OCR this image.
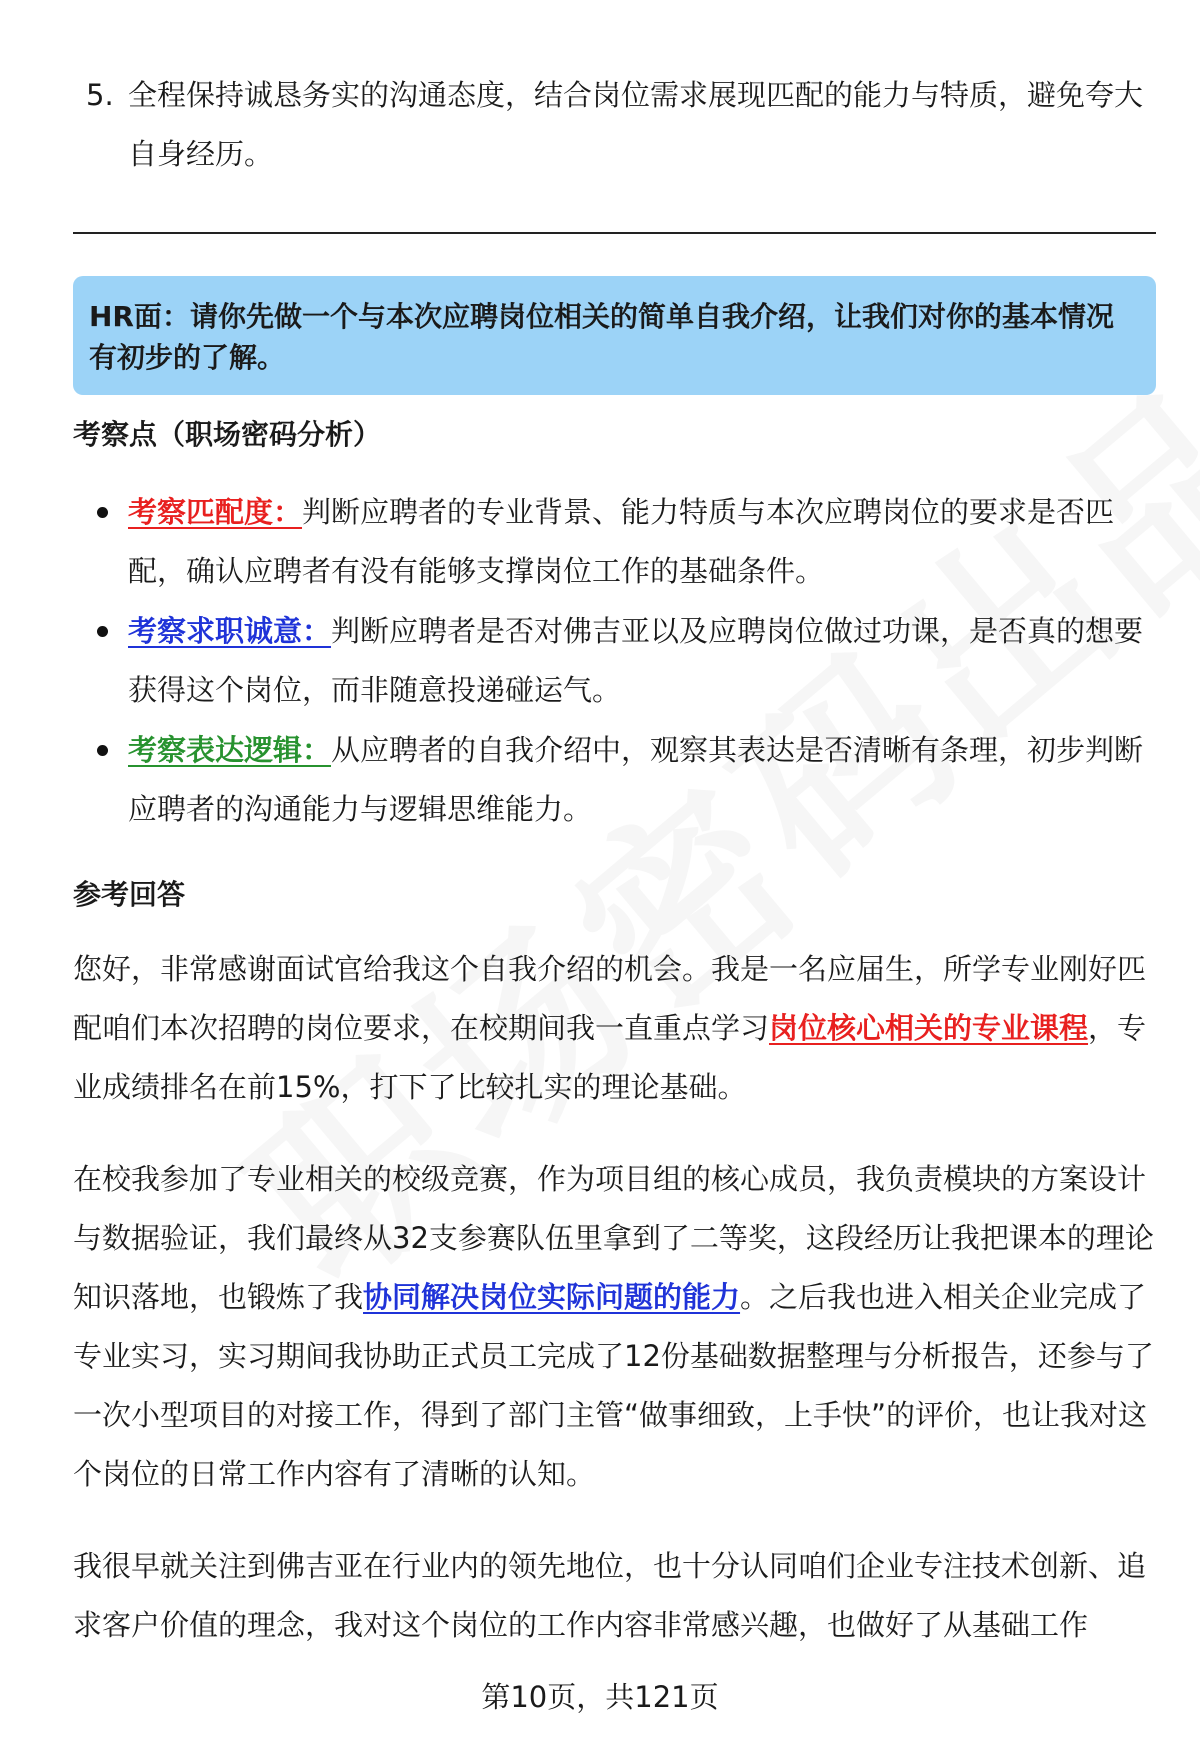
5. 全程保持诚恳务实的沟通态度，结合岗位需求展现匹配的能力与特质，避免夸大自身经历。
HR面：请你先做一个与本次应聘岗位相关的简单自我介绍，让我们对你的基本情况有初步的了解。
考察点（职场密码分析）
考察匹配度：判断应聘者的专业背景、能力特质与本次应聘岗位的要求是否匹配，确认应聘者有没有能够支撑岗位工作的基础条件。
考察求职诚意：判断应聘者是否对佛吉亚以及应聘岗位做过功课，是否真的想要获得这个岗位，而非随意投递碰运气。
考察表达逻辑：从应聘者的自我介绍中，观察其表达是否清晰有条理，初步判断应聘者的沟通能力与逻辑思维能力。
参考回答

您好，非常感谢面试官给我这个自我介绍的机会。我是一名应届生，所学专业刚好匹配咱们本次招聘的岗位要求，在校期间我一直重点学习岗位核心相关的专业课程，专业成绩排名在前15%，打下了比较扎实的理论基础。

在校我参加了专业相关的校级竞赛，作为项目组的核心成员，我负责模块的方案设计与数据验证，我们最终从32支参赛队伍里拿到了二等奖，这段经历让我把课本的理论知识落地，也锻炼了我协同解决岗位实际问题的能力。之后我也进入相关企业完成了专业实习，实习期间我协助正式员工完成了12份基础数据整理与分析报告，还参与了一次小型项目的对接工作，得到了部门主管“做事细致，上手快”的评价，也让我对这个岗位的日常工作内容有了清晰的认知。

我很早就关注到佛吉亚在行业内的领先地位，也十分认同咱们企业专注技术创新、追求客户价值的理念，我对这个岗位的工作内容非常感兴趣，也做好了从基础工作

第10页，共121页
